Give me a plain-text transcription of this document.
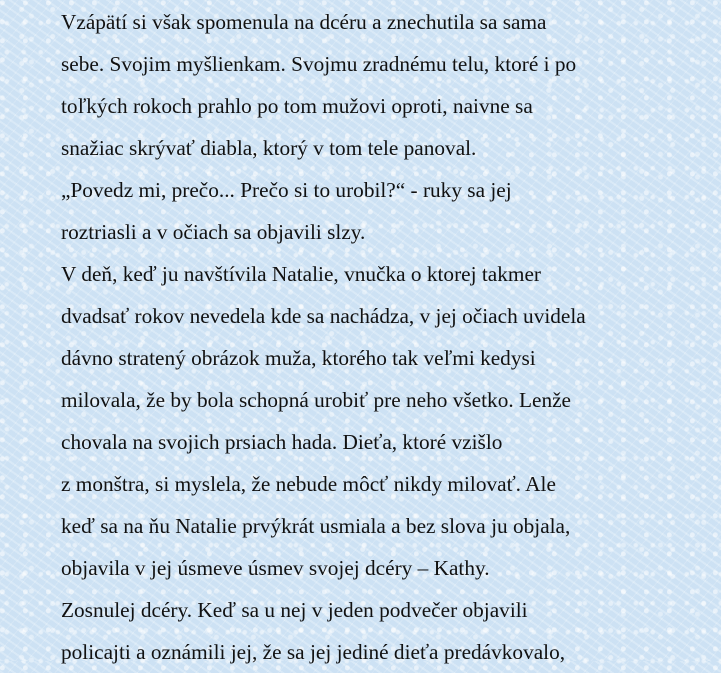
Vzápätí si však spomenula na dcéru a znechutila sa sama
sebe. Svojim myšlienkam. Svojmu zradnému telu, ktoré i po
toľkých rokoch prahlo po tom mužovi oproti, naivne sa
snažiac skrývať diabla, ktorý v tom tele panoval.
„Povedz mi, prečo... Prečo si to urobil?“ - ruky sa jej
roztriasli a v očiach sa objavili slzy.
V deň, keď ju navštívila Natalie, vnučka o ktorej takmer
dvadsať rokov nevedela kde sa nachádza, v jej očiach uvidela
dávno stratený obrázok muža, ktorého tak veľmi kedysi
milovala, že by bola schopná urobiť pre neho všetko. Lenže
chovala na svojich prsiach hada. Dieťa, ktoré vzišlo
z monštra, si myslela, že nebude môcť nikdy milovať. Ale
keď sa na ňu Natalie prvýkrát usmiala a bez slova ju objala,
objavila v jej úsmeve úsmev svojej dcéry – Kathy.
Zosnulej dcéry. Keď sa u nej v jeden podvečer objavili
policajti a oznámili jej, že sa jej jediné dieťa predávkovalo,
